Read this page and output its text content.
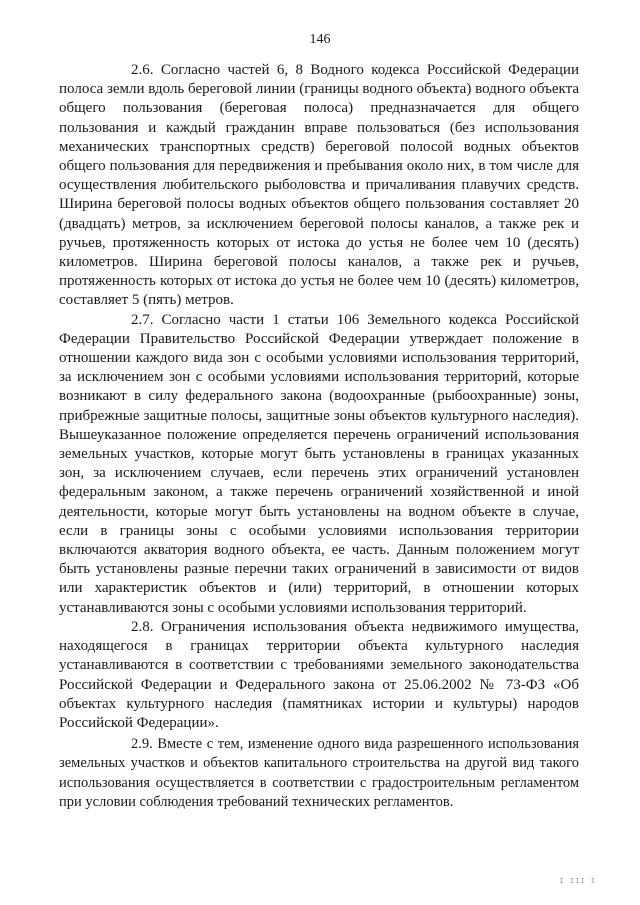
146

2.6. Согласно частей 6, 8 Водного кодекса Российской Федерации полоса земли вдоль береговой линии (границы водного объекта) водного объекта общего пользования (береговая полоса) предназначается для общего пользования и каждый гражданин вправе пользоваться (без использования механических транспортных средств) береговой полосой водных объектов общего пользования для передвижения и пребывания около них, в том числе для осуществления любительского рыболовства и причаливания плавучих средств. Ширина береговой полосы водных объектов общего пользования составляет 20 (двадцать) метров, за исключением береговой полосы каналов, а также рек и ручьев, протяженность которых от истока до устья не более чем 10 (десять) километров. Ширина береговой полосы каналов, а также рек и ручьев, протяженность которых от истока до устья не более чем 10 (десять) километров, составляет 5 (пять) метров.

2.7. Согласно части 1 статьи 106 Земельного кодекса Российской Федерации Правительство Российской Федерации утверждает положение в отношении каждого вида зон с особыми условиями использования территорий, за исключением зон с особыми условиями использования территорий, которые возникают в силу федерального закона (водоохранные (рыбоохранные) зоны, прибрежные защитные полосы, защитные зоны объектов культурного наследия). Вышеуказанное положение определяется перечень ограничений использования земельных участков, которые могут быть установлены в границах указанных зон, за исключением случаев, если перечень этих ограничений установлен федеральным законом, а также перечень ограничений хозяйственной и иной деятельности, которые могут быть установлены на водном объекте в случае, если в границы зоны с особыми условиями использования территории включаются акватория водного объекта, ее часть. Данным положением могут быть установлены разные перечни таких ограничений в зависимости от видов или характеристик объектов и (или) территорий, в отношении которых устанавливаются зоны с особыми условиями использования территорий.

2.8. Ограничения использования объекта недвижимого имущества, находящегося в границах территории объекта культурного наследия устанавливаются в соответствии с требованиями земельного законодательства Российской Федерации и Федерального закона от 25.06.2002 № 73-ФЗ «Об объектах культурного наследия (памятниках истории и культуры) народов Российской Федерации».

2.9. Вместе с тем, изменение одного вида разрешенного использования земельных участков и объектов капитального строительства на другой вид такого использования осуществляется в соответствии с градостроительным регламентом при условии соблюдения требований технических регламентов.

I III I
